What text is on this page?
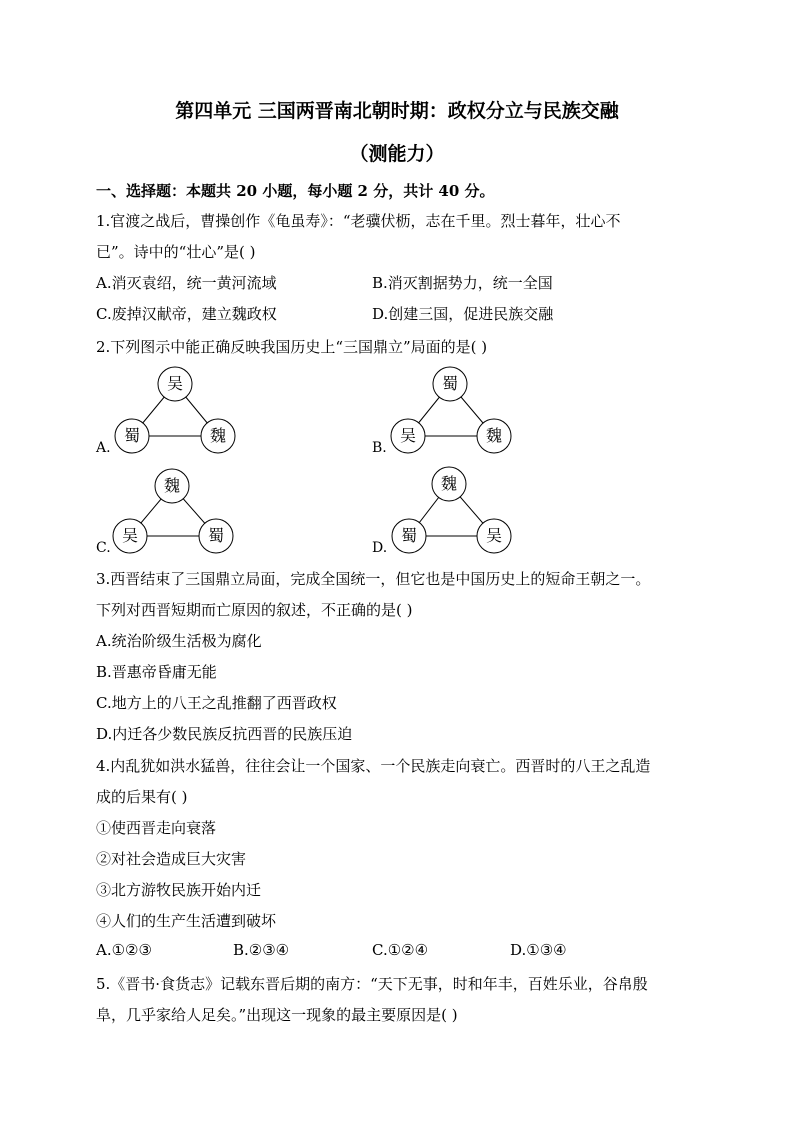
第四单元 三国两晋南北朝时期：政权分立与民族交融
（测能力）
一、选择题：本题共 20 小题，每小题 2 分，共计 40 分。
1.官渡之战后，曹操创作《龟虽寿》：“老骥伏枥，志在千里。烈士暮年，壮心不
已”。诗中的“壮心”是( )
A.消灭袁绍，统一黄河流域	B.消灭割据势力，统一全国
C.废掉汉献帝，建立魏政权	D.创建三国，促进民族交融
2.下列图示中能正确反映我国历史上“三国鼎立”局面的是( )
A.
吴
蜀	魏
B.
蜀
吴	魏
C.
魏
吴	蜀
D.
魏
蜀	吴
3.西晋结束了三国鼎立局面，完成全国统一，但它也是中国历史上的短命王朝之一。
下列对西晋短期而亡原因的叙述，不正确的是( )
A.统治阶级生活极为腐化
B.晋惠帝昏庸无能
C.地方上的八王之乱推翻了西晋政权
D.内迁各少数民族反抗西晋的民族压迫
4.内乱犹如洪水猛兽，往往会让一个国家、一个民族走向衰亡。西晋时的八王之乱造
成的后果有( )
①使西晋走向衰落
②对社会造成巨大灾害
③北方游牧民族开始内迁
④人们的生产生活遭到破坏
A.①②③	B.②③④	C.①②④	D.①③④
5.《晋书·食货志》记载东晋后期的南方：“天下无事，时和年丰，百姓乐业，谷帛殷
阜，几乎家给人足矣。”出现这一现象的最主要原因是( )
